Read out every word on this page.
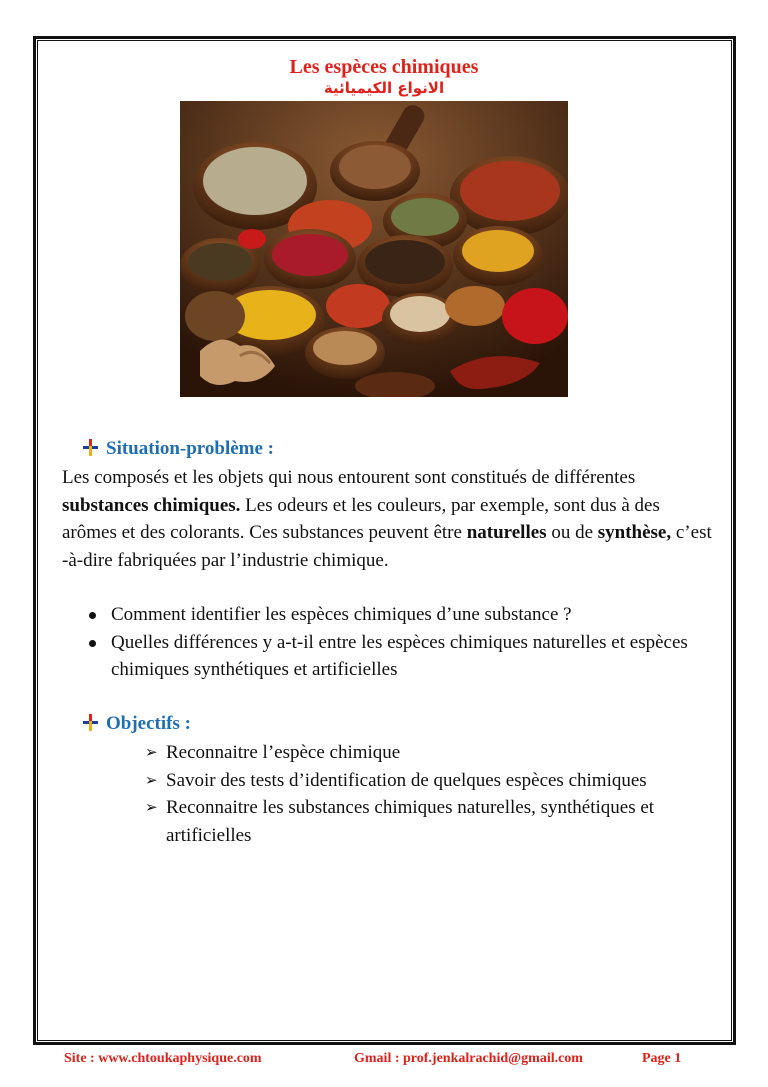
Les espèces chimiques
الانواع الكيميائية
Situation-problème :
Les composés et les objets qui nous entourent sont constitués de différentes substances chimiques. Les odeurs et les couleurs, par exemple, sont dus à des arômes et des colorants. Ces substances peuvent être naturelles ou de synthèse, c’est -à-dire fabriquées par l’industrie chimique.
Comment identifier les espèces chimiques d’une substance ?
Quelles différences y a-t-il entre les espèces chimiques naturelles et espèces chimiques synthétiques et artificielles
Objectifs :
➢ Reconnaitre l’espèce chimique
➢ Savoir des tests d’identification de quelques espèces chimiques
➢ Reconnaitre les substances chimiques naturelles, synthétiques et artificielles
Site : www.chtoukaphysique.com	Gmail : prof.jenkalrachid@gmail.com	Page 1
